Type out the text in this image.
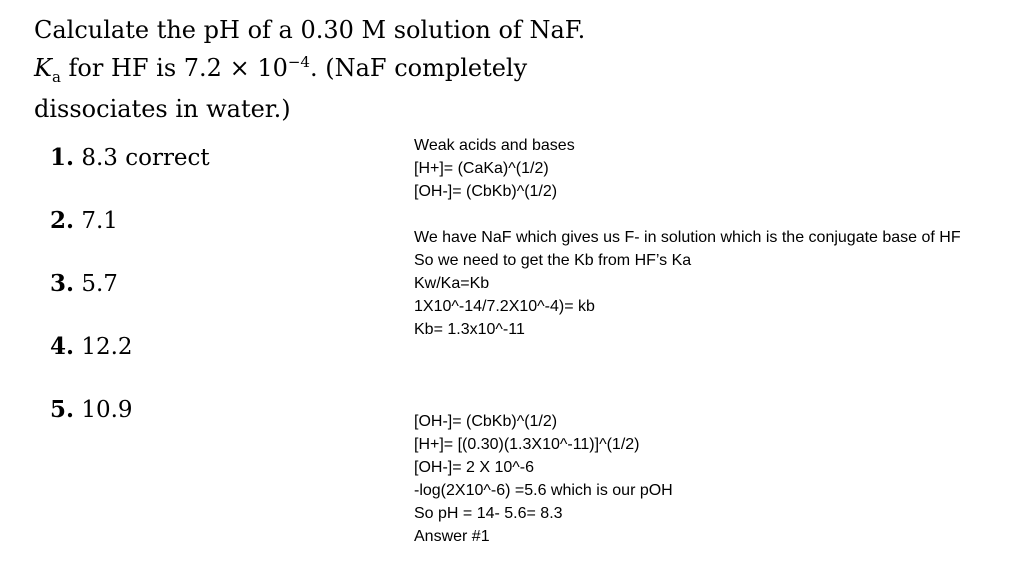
Calculate the pH of a 0.30 M solution of NaF.
$K_a$ for HF is $7.2 \times 10^{-4}$. (NaF completely
dissociates in water.)
1. 8.3 correct
2. 7.1
3. 5.7
4. 12.2
5. 10.9
Weak acids and bases
[H+]= (CaKa)^(1/2)
[OH-]= (CbKb)^(1/2)
We have NaF which gives us F- in solution which is the conjugate base of HF
So we need to get the Kb from HF’s Ka
Kw/Ka=Kb
1X10^-14/7.2X10^-4)= kb
Kb= 1.3x10^-11
[OH-]= (CbKb)^(1/2)
[H+]= [(0.30)(1.3X10^-11)]^(1/2)
[OH-]= 2 X 10^-6
-log(2X10^-6) =5.6 which is our pOH
So pH = 14- 5.6= 8.3
Answer #1
